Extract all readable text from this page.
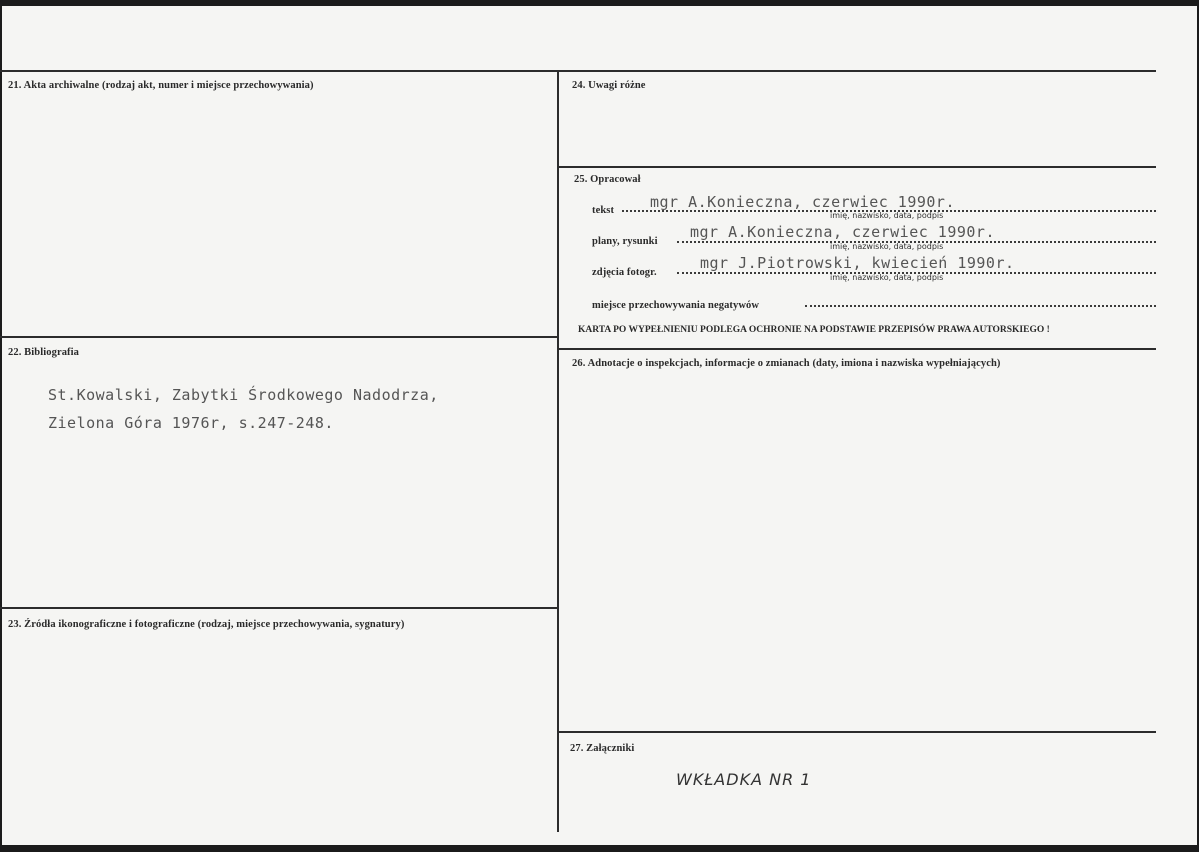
21. Akta archiwalne (rodzaj akt, numer i miejsce przechowywania)
22. Bibliografia
St.Kowalski, Zabytki Środkowego Nadodrza,
Zielona Góra 1976r, s.247-248.
23. Źródła ikonograficzne i fotograficzne (rodzaj, miejsce przechowywania, sygnatury)
24. Uwagi różne
25. Opracował
tekst mgr A.Konieczna, czerwiec 1990r.
imię, nazwisko, data, podpis
plany, rysunki
mgr A.Konieczna, czerwiec 1990r.
imię, nazwisko, data, podpis
zdjęcia fotogr.
mgr J.Piotrowski, kwiecień 1990r.
imię, nazwisko, data, podpis
miejsce przechowywania negatywów
KARTA PO WYPEŁNIENIU PODLEGA OCHRONIE NA PODSTAWIE PRZEPISÓW PRAWA AUTORSKIEGO !
26. Adnotacje o inspekcjach, informacje o zmianach (daty, imiona i nazwiska wypełniających)
27. Załączniki
WKŁADKA NR 1
